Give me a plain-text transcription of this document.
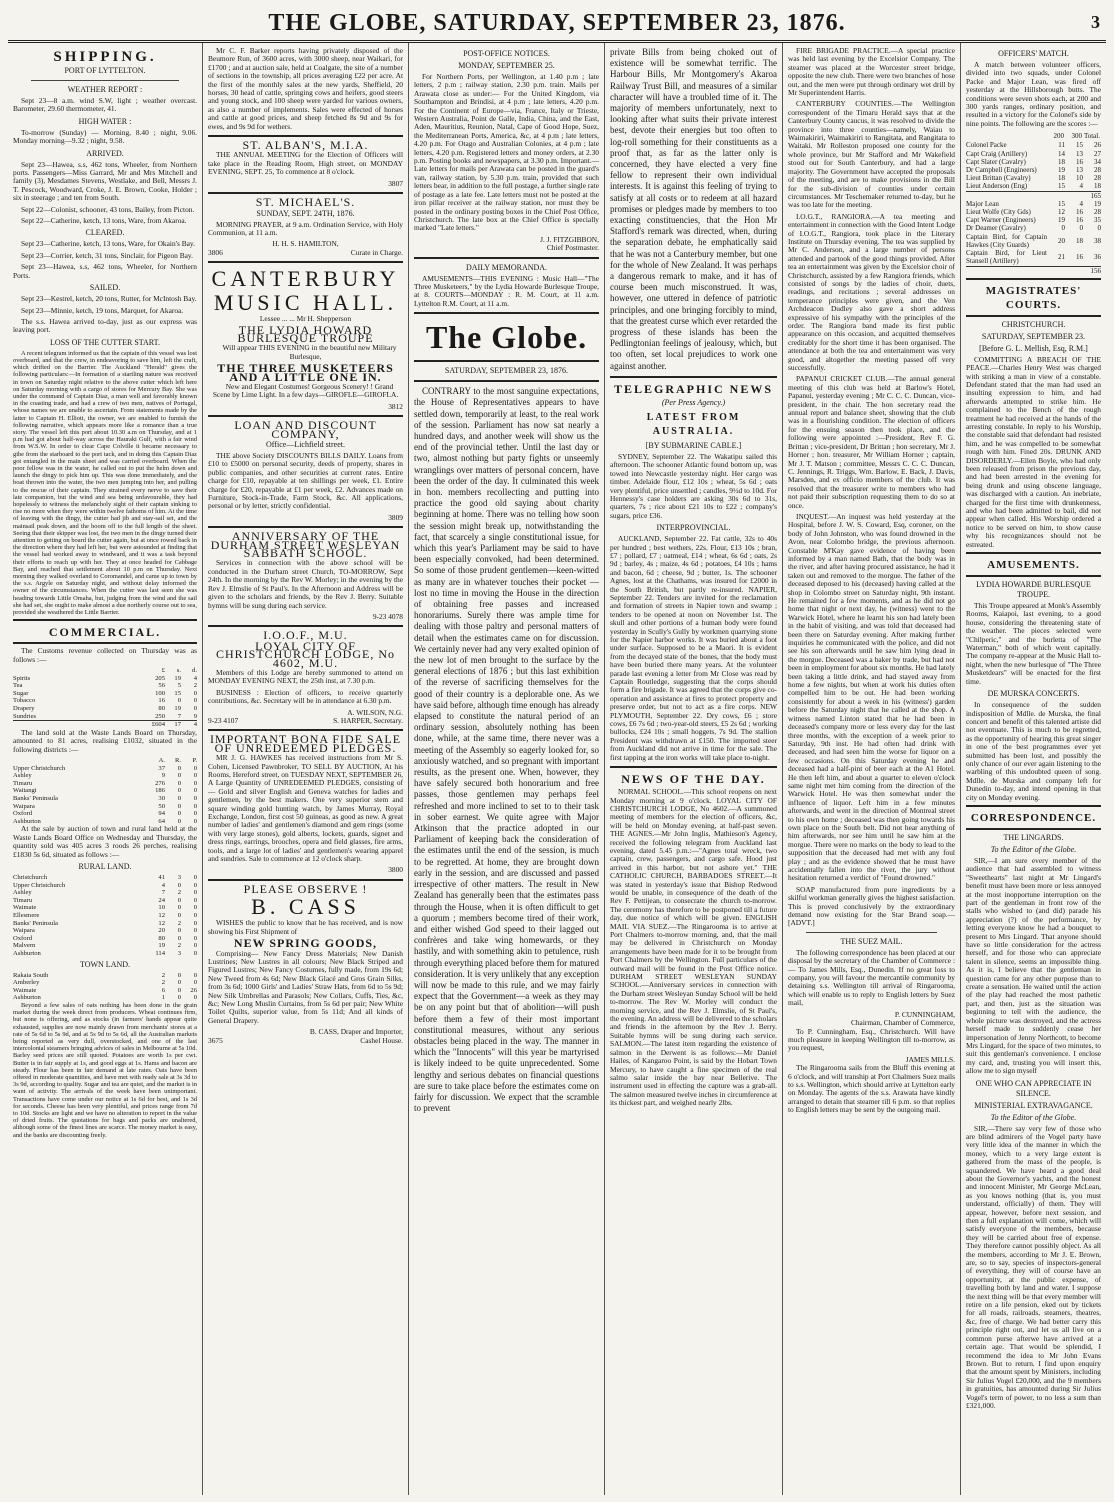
THE GLOBE, SATURDAY, SEPTEMBER 23, 1876.	3
SHIPPING.
PORT OF LYTTELTON.
WEATHER REPORT :
Sept 23—8 a.m. wind S.W, light ; weather overcast. Barometer, 29.60 thermometer, 41.
HIGH WATER :
To-morrow (Sunday) — Morning, 8.40 ; night, 9.06. Monday morning—9.32 ; night, 9.58.
ARRIVED.
Sept 23—Hawea, s.s, 462 tons, Wheeler, from Northern ports. Passengers—Miss Garrard, Mr and Mrs Mitchell and family (3), Mesdames Stevens, Westlake, and Bell, Messrs J. T. Pescock, Woodward, Croke, J. E. Brown, Cooke, Holder ; six in steerage ; and ten from South.
Sept 22—Colonist, schooner, 43 tons, Bailey, from Picton.
Sept 22—Catherine, ketch, 13 tons, Ware, from Akaroa.
CLEARED.
Sept 23—Catherine, ketch, 13 tons, Ware, for Okain's Bay.
Sept 23—Corrier, ketch, 31 tons, Sinclair, for Pigeon Bay.
Sept 23—Hawea, s.s, 462 tons, Wheeler, for Northern Ports.
SAILED.
Sept 23—Kestrel, ketch, 20 tons, Rutter, for McIntosh Bay.
Sept 23—Minnie, ketch, 19 tons, Marquet, for Akaroa.
The s.s. Hawea arrived to-day, just as our express was leaving port.
LOSS OF THE CUTTER START.
A recent telegram informed us that the captain of this vessel was lost overboard, and that the crew, in endeavoring to save him, left the craft, which drifted on the Barrier. The Auckland "Herald" gives the following particulars:—In formation of a startling nature was received in town on Saturday night relative to the above cutter which left here on Saturday morning with a cargo of stores for Mercury Bay. She was under the command of Captain Diaz, a man well and favorably known in the coasting trade, and had a crew of two men, natives of Portugal, whose names we are unable to ascertain. From statements made by the latter to Captain H. Elliott, the owner, we are enabled to furnish the following narrative, which appears more like a romance than a true story. The vessel left this port about 10.30 a.m on Thursday, and at 1 p.m had got about half-way across the Hauraki Gulf, with a fair wind from W.S.W. In order to clear Cape Colville it became necessary to gibe from the starboard to the port tack, and in doing this Captain Diaz got entangled in the main sheet and was carried overboard. When the poor fellow was in the water, he called out to put the helm down and launch the dingy to pick him up. This was done immediately, and the boat thrown into the water, the two men jumping into her, and pulling to the rescue of their captain. They strained every nerve to save their late companion, but the wind and sea being unfavourable, they had hopelessly to witness the melancholy sight of their captain sinking to rise no more when they were within twelve fathoms of him. At the time of leaving with the dingy, the cutter had jib and stay-sail set, and the mainsail peak down, and the boom off to the full length of the sheet. Seeing that their skipper was lost, the two men in the dingy turned their attention to getting on board the cutter again, but at once rowed back in the direction where they had left her, but were astounded at finding that the vessel had worked away to windward, and it was a task beyond their efforts to reach up with her. They at once headed for Cabbage Bay, and reached that settlement about 10 p.m on Thursday. Next morning they walked overland to Coromandel, and came up to town by the s.s. Argyle on Saturday night, and without delay informed the owner of the circumstances. When the cutter was last seen she was heading towards Little Omaha, but, judging from the wind and the sail she had set, she ought to make almost a due northerly course out to sea, provided she weathered the Little Barrier.
COMMERCIAL.
The Customs revenue collected on Thursday was as follows :—
	£	s.	d.
Spirits	205	19	4
Tea	56	5	2
Sugar	100	15	0
Tobacco	16	0	0
Drapery	80	19	0
Sundries	250	7	9
	£604	17	4
The land sold at the Waste Lands Board on Thursday, amounted to 81 acres, realising £1032, situated in the following districts :—
	A.	R.	P.
Upper Christchurch	37	0	0
Ashley	9	0	0
Timaru	276	0	0
Waitangi	186	0	0
Banks' Peninsula	30	0	0
Waipara	50	0	0
Oxford	94	0	0
Ashburton	64	0	0
At the sale by auction of town and rural land held at the Waste Lands Board Office on Wednesday and Thursday, the quantity sold was 405 acres 3 roods 26 perches, realising £1830 5s 6d, situated as follows :—
RURAL LAND.
Christchurch	41	3	0
Upper Christchurch	4	0	0
Ashley	7	2	0
Timaru	24	0	0
Waimate	10	0	0
Ellesmere	12	0	0
Banks' Peninsula	12	2	0
Waipara	20	0	0
Oxford	80	0	0
Malvern	19	2	0
Ashburton	114	3	0
TOWN LAND.
Rakaia South	2	0	0
Amberley	2	0	0
Waimate	6	0	26
Ashburton	1	0	0
Beyond a few sales of oats nothing has been done in the grain market during the week direct from producers. Wheat continues firm, but none is offering, and as stocks (in farmers' hands appear quite exhausted, supplies are now mainly drawn from merchants' stores at a rate of 5s 6d to 5s 9d, and at 5s 9d to 5s 6d, all the Australian markets being reported as very dull, overstocked, and one of the last intercolonial steamers bringing advices of sales in Melbourne at 5s 10d. Barley seed prices are still quoted. Potatoes are worth 1s per cwt. Butter is in fair supply at 1s, and good eggs at 1s. Hams and bacon are steady. Flour has been in fair demand at late rates. Oats have been offered in moderate quantities, and have met with ready sale at 3s 3d to 3s 9d, according to quality. Sugar and tea are quiet, and the market is in want of activity. The arrivals of the week have been unimportant. Transactions have come under our notice at 1s 6d for best, and 1s 3d for seconds. Cheese has been very plentiful, and prices range from 7d to 10d. Stocks are light and we have no alteration to report in the value of dried fruits. The quotations for bags and packs are unaltered, although some of the finest lines are scarce. The money market is easy, and the banks are discounting freely.
Mr C. F. Barker reports having privately disposed of the Beumore Run, of 3600 acres, with 3000 sheep, near Waikari, for £1700 ; and at auction sale, held at Coalgate, the site of a number of sections in the township, all prices averaging £22 per acre. At the first of the monthly sales at the new yards, Sheffield, 20 horses, 30 head of cattle, springing cows and heifers, good steers and young stock, and 100 sheep were yarded for various owners, as also a number of implements. Sales were effected of horses and cattle at good prices, and sheep fetched 8s 9d and 9s for ewes, and 9s 9d for wethers.
ST. ALBAN'S, M.I.A.
THE ANNUAL MEETING for the Election of Officers will take place in the Reading Room, High street, on MONDAY EVENING, SEPT. 25, To commence at 8 o'clock.
3807
ST. MICHAEL'S.
SUNDAY, SEPT. 24TH, 1876.
MORNING PRAYER, at 9 a.m. Ordination Service, with Holy Communion, at 11 a.m.
H. H. S. HAMILTON,
3806	Curate in Charge.
CANTERBURY MUSIC HALL.
Lessee ... ... Mr H. Shepperson
THE LYDIA HOWARD BURLESQUE TROUPE
Will appear THIS EVENING in the beautiful new Military Burlesque,
THE THREE MUSKETEERS AND A LITTLE ONE IN.
New and Elegant Costumes! Gorgeous Scenery! ! Grand Scene by Lime Light. In a few days—GIROFLE—GIROFLA.
3812
LOAN AND DISCOUNT COMPANY,
Office—Lichfield street.
THE above Society DISCOUNTS BILLS DAILY. Loans from £10 to £5000 on personal security, deeds of property, shares in public companies, and other securities at current rates. Entire charge for £10, repayable at ten shillings per week, £1. Entire charge for £20, repayable at £1 per week, £2. Advances made on Furniture, Stock-in-Trade, Farm Stock, &c. All applications, personal or by letter, strictly confidential.
3809
ANNIVERSARY OF THE DURHAM STREET WESLEYAN SABBATH SCHOOL.
Services in connection with the above school will be conducted in the Durham street Church, TO-MORROW, Sept 24th. In the morning by the Rev W. Morley; in the evening by the Rev J. Elmslie of St Paul's. In the Afternoon and Address will be given to the scholars and friends, by the Rev J. Berry. Suitable hymns will be sung during each service.
9-23 4078
I.O.O.F., M.U.
LOYAL CITY OF CHRISTCHURCH LODGE, No 4602, M.U.
Members of this Lodge are hereby summoned to attend on MONDAY EVENING NEXT, the 25th inst, at 7.30 p.m.
BUSINESS : Election of officers, to receive quarterly contributions, &c. Secretary will be in attendance at 6.30 p.m.
A. WILSON, N.G.
9-23 4107	S. HARPER, Secretary.
IMPORTANT BONA FIDE SALE OF UNREDEEMED PLEDGES.
MR J. G. HAWKES has received instructions from Mr S. Cohen, Licensed Pawnbroker, TO SELL BY AUCTION, At his Rooms, Hereford street, on TUESDAY NEXT, SEPTEMBER 26, A Large Quantity of UNREDEEMED PLEDGES, consisting of— Gold and silver English and Geneva watches for ladies and gentlemen, by the best makers. One very superior stem and square winding gold hunting watch, by James Murray, Royal Exchange, London, first cost 50 guineas, as good as new. A great number of ladies' and gentlemen's diamond and gem rings (some with very large stones), gold alberts, lockets, guards, signet and dress rings, earrings, brooches, opera and field glasses, fire arms, tools, and a large lot of ladies' and gentlemen's wearing apparel and sundries. Sale to commence at 12 o'clock sharp.
3800
PLEASE OBSERVE !
B. CASS
WISHES the public to know that he has received, and is now showing his First Shipment of
NEW SPRING GOODS,
Comprising— New Fancy Dress Materials; New Danish Lustrines; New Lustres in all colours; New Black Striped and Figured Lustres; New Fancy Costumes, fully made, from 19s 6d; New Tweed from 4s 6d; New Black Glacé and Gros Grain Silks, from 3s 6d; 1000 Girls' and Ladies' Straw Hats, from 6d to 5s 9d; New Silk Umbrellas and Parasols; New Collars, Cuffs, Ties, &c, &c; New Long Muslin Curtains, from 5s 6d per pair; New White Toilet Quilts, superior value, from 5s 11d; And all kinds of General Drapery.
B. CASS, Draper and Importer,
3675	Cashel House.
POST-OFFICE NOTICES.
MONDAY, SEPTEMBER 25.
For Northern Ports, per Wellington, at 1.40 p.m ; late letters, 2 p.m ; railway station, 2.30 p.m. train. Mails per Arawata close as under:— For the United Kingdom, via Southampton and Brindisi, at 4 p.m ; late letters, 4.20 p.m. For the Continent of Europe—via, France, Italy or Trieste, Western Australia, Point de Galle, India, China, and the East, Aden, Mauritius, Reunion, Natal, Cape of Good Hope, Suez, the Mediterranean Ports, America, &c, at 4 p.m ; late letters, 4.20 p.m. For Otago and Australian Colonies, at 4 p.m ; late letters, 4.20 p.m. Registered letters and money orders, at 2.30 p.m. Posting books and newspapers, at 3.30 p.m. Important.—Late letters for mails per Arawata can be posted in the guard's van, railway station, by 5.30 p.m. train, provided that such letters bear, in addition to the full postage, a further single rate of postage as a late fee. Late letters must not be posted at the iron pillar receiver at the railway station, nor must they be posted in the ordinary posting boxes in the Chief Post Office, Christchurch. The late box at the Chief Office is specially marked "Late letters."
J. J. FITZGIBBON,
Chief Postmaster.
DAILY MEMORANDA.
AMUSEMENTS—THIS EVENING : Music Hall—"The Three Musketeers," by the Lydia Howarde Burlesque Troupe, at 8. COURTS—MONDAY : R. M. Court, at 11 a.m. Lyttelton R.M. Court, at 11 a.m.
The Globe.
SATURDAY, SEPTEMBER 23, 1876.
CONTRARY to the most sanguine expectations, the House of Representatives appears to have settled down, temporarily at least, to the real work of the session. Parliament has now sat nearly a hundred days, and another week will show us the end of the provincial tether. Until the last day or two, almost nothing but party fights or unseemly wranglings over matters of personal concern, have been the order of the day. It culminated this week in hon. members recollecting and putting into practice the good old saying about charity beginning at home. There was no telling how soon the session might break up, notwithstanding the fact, that scarcely a single constitutional issue, for which this year's Parliament may be said to have been especially convoked, had been determined. So some of those prudent gentlemen—keen-witted as many are in whatever touches their pocket — lost no time in moving the House in the direction of obtaining free passes and increased honorariums. Surely there was ample time for dealing with those paltry and personal matters of detail when the estimates came on for discussion. We certainly never had any very exalted opinion of the new lot of men brought to the surface by the general elections of 1876 ; but this last exhibition of the reverse of sacrificing themselves for the good of their country is a deplorable one. As we have said before, although time enough has already elapsed to constitute the natural period of an ordinary session, absolutely nothing has been done, while, at the same time, there never was a meeting of the Assembly so eagerly looked for, so anxiously watched, and so pregnant with important results, as the present one. When, however, they have safely secured both honorarium and free passes, those gentlemen may perhaps feel refreshed and more inclined to set to to their task in sober earnest. We quite agree with Major Atkinson that the practice adopted in our Parliament of keeping back the consideration of the estimates until the end of the session, is much to be regretted. At home, they are brought down early in the session, and are discussed and passed irrespective of other matters. The result in New Zealand has generally been that the estimates pass through the House, when it is often difficult to get a quorum ; members become tired of their work, and either wished God speed to their lagged out confrères and take wing homewards, or they hastily, and with something akin to petulence, rush through everything placed before them for matured consideration. It is very unlikely that any exception will now be made to this rule, and we may fairly expect that the Government—a week as they may be on any point but that of abolition—will push before them a few of their most important constitutional measures, without any serious obstacles being placed in the way. The manner in which the "Innocents" will this year be martyrised is likely indeed to be quite unprecedented. Some lengthy and serious debates on financial questions are sure to take place before the estimates come on fairly for discussion. We expect that the scramble to prevent
private Bills from being choked out of existence will be somewhat terrific. The Harbour Bills, Mr Montgomery's Akaroa Railway Trust Bill, and measures of a similar character will have a troubled time of it. The majority of members unfortunately, next to looking after what suits their private interest best, devote their energies but too often to log-roll something for their constituents as a proof that, as far as the latter only is concerned, they have elected a very fine fellow to represent their own individual interests. It is against this feeling of trying to satisfy at all costs or to redeem at all hazard promises or pledges made by members to too exacting constituencies, that the Hon Mr Stafford's remark was directed, when, during the separation debate, he emphatically said that he was not a Canterbury member, but one for the whole of New Zealand. It was perhaps a dangerous remark to make, and it has of course been much misconstrued. It was, however, one uttered in defence of patriotic principles, and one bringing forcibly to mind, that the greatest curse which ever retarded the progress of these islands has been the Pedlingtonian feelings of jealousy, which, but too often, set local prejudices to work one against another.
TELEGRAPHIC NEWS
(Per Press Agency.)
LATEST FROM AUSTRALIA.
[BY SUBMARINE CABLE.]
SYDNEY, September 22. The Wakatipu sailed this afternoon. The schooner Atlantic found bottom up, was towed into Newcastle yesterday night. Her cargo was timber. Adelaide flour, £12 10s ; wheat, 5s 6d ; oats very plentiful, price unsettled ; candles, 9½d to 10d. For Hennessy's case holders are asking 30s 6d to 31s, quarters, 7s ; rice about £21 10s to £22 ; company's sugars, price £36.
INTERPROVINCIAL.
AUCKLAND, September 22. Fat cattle, 32s to 40s per hundred ; best wethers, 22s. Flour, £13 10s ; bran, £7 ; pollard, £7 ; oatmeal, £14 ; wheat, 6s 6d ; oats, 2s 9d ; barley, 4s ; maize, 4s 6d ; potatoes, £4 10s ; hams and bacon, 6d ; cheese, 9d ; butter, 1s. The schooner Agnes, lost at the Chathams, was insured for £2000 in the South British, but partly re-insured. NAPIER, September 22. Tenders are invited for the reclamation and formation of streets in Napier town and swamp ; tenders to be opened at noon on November 1st. The skull and other portions of a human body were found yesterday in Scully's Gully by workmen quarrying stone for the Napier harbor works. It was buried about a foot under surface. Supposed to be a Maori. It is evident from the decayed state of the bones, that the body must have been buried there many years. At the volunteer parade last evening a letter from Mr Close was read by Captain Routledge, suggesting that the corps should form a fire brigade. It was agreed that the corps give co-operation and assistance at fires to protect property and preserve order, but not to act as a fire corps. NEW PLYMOUTH, September 22. Dry cows, £6 ; store cows, £6 7s 6d ; two-year-old steers, £5 2s 6d ; working bullocks, £24 10s ; small hoggets, 7s 9d. The stallion President was withdrawn at £150. The imported steer from Auckland did not arrive in time for the sale. The first tapping at the iron works will take place to-night.
NEWS OF THE DAY.
NORMAL SCHOOL.—This school reopens on next Monday morning at 9 o'clock. LOYAL CITY OF CHRISTCHURCH LODGE, No 4602.—A summoned meeting of members for the election of officers, &c, will be held on Monday evening, at half-past seven. THE AGNES.—Mr John Inglis, Mathieson's Agency, received the following telegram from Auckland last evening, dated 5.45 p.m.:—"Agnes total wreck, two captain, crew, passengers, and cargo safe. Hood just arrived in this harbor, but not ashore yet." THE CATHOLIC CHURCH, BARBADOES STREET.—It was stated in yesterday's issue that Bishop Redwood would be unable, in consequence of the death of the Rev F. Pettijean, to consecrate the church to-morrow. The ceremony has therefore to be postponed till a future day, due notice of which will be given. ENGLISH MAIL VIA SUEZ.—The Ringarooma is to arrive at Port Chalmers to-morrow morning, and, that the mail may be delivered in Christchurch on Monday arrangements have been made for it to be brought from Port Chalmers by the Wellington. Full particulars of the outward mail will be found in the Post Office notice. DURHAM STREET WESLEYAN SUNDAY SCHOOL.—Anniversary services in connection with the Durham street Wesleyan Sunday School will be held to-morrow. The Rev W. Morley will conduct the morning service, and the Rev J. Elmslie, of St Paul's, the evening. An address will be delivered to the scholars and friends in the afternoon by the Rev J. Berry. Suitable hymns will be sung during each service. SALMON.—The latest item regarding the existence of salmon in the Derwent is as follows:—Mr Daniel Hailes, of Kangaroo Point, is said by the Hobart Town Mercury, to have caught a fine specimen of the real salmo salar inside the bay near Bellerive. The instrument used in effecting the capture was a grab-all. The salmon measured twelve inches in circumference at its thickest part, and weighed nearly 2lbs.
FIRE BRIGADE PRACTICE.—A special practice was held last evening by the Excelsior Company. The steamer was placed at the Worcester street bridge, opposite the new club. There were two branches of hose out, and the men were put through ordinary wet drill by Mr Superintendent Harris.
CANTERBURY COUNTIES.—The Wellington correspondent of the Timaru Herald says that at the Canterbury County caucus, it was resolved to divide the province into three counties—namely, Waiau to Waimakiriri, Waimakiriri to Rangitata, and Rangitata to Waitaki. Mr Rolleston proposed one county for the whole province, but Mr Stafford and Mr Wakefield stood out for South Canterbury, and had a large majority. The Government have accepted the proposals of the meeting, and are to make provisions in the Bill for the sub-division of counties under certain circumstances. Mr Teschemaker returned to-day, but he was too late for the meeting.
I.O.G.T., RANGIORA.—A tea meeting and entertainment in connection with the Good Intent Lodge of I.O.G.T., Rangiora, took place in the Literary Institute on Thursday evening. The tea was supplied by Mr C. Anderson, and a large number of persons attended and partook of the good things provided. After tea an entertainment was given by the Excelsior choir of Christchurch, assisted by a few Rangiora friends, which consisted of songs by the ladies of choir, duets, readings, and recitations ; several addresses on temperance principles were given, and the Ven Archdeacon Dudley also gave a short address expressive of his sympathy with the principles of the order. The Rangiora band made its first public appearance on this occasion, and acquitted themselves creditably for the short time it has been organised. The attendance at both the tea and entertainment was very good, and altogether the meeting passed off very successfully.
PAPANUI CRICKET CLUB.—The annual general meeting of this club was held at Barlow's Hotel, Papanui, yesterday evening ; Mr C. C. C. Duncan, vice-president, in the chair. The hon secretary read the annual report and balance sheet, showing that the club was in a flourishing condition. The election of officers for the ensuing season then took place, and the following were appointed :—President, Rev F. G. Brittan ; vice-president, Dr Brittan ; hon secretary, Mr J. Horner ; hon. treasurer, Mr William Horner ; captain, Mr J. T. Matson ; committee, Messrs C. C. C. Duncan, C. Jennings, R. Triggs, Wm. Barlow, E. Back, J. Davis, Marsden, and ex officio members of the club. It was resolved that the treasurer write to members who had not paid their subscription requesting them to do so at once.
INQUEST.—An inquest was held yesterday at the Hospital, before J. W. S. Coward, Esq, coroner, on the body of John Johnston, who was found drowned in the Avon, near Colombo bridge, the previous afternoon. Constable M'Kay gave evidence of having been informed by a man named Bath, that the body was in the river, and after having procured assistance, he had it taken out and removed to the morgue. The father of the deceased deposed to his (deceased) having called at the shop in Colombo street on Saturday night, 9th instant. He remained for a few moments, and as he did not go home that night or next day, he (witness) went to the Warwick Hotel, where he learnt his son had lately been in the habit of visiting, and was told that deceased had been there on Saturday evening. After making further inquiries he communicated with the police, and did not see his son afterwards until he saw him lying dead in the morgue. Deceased was a baker by trade, but had not been in employment for about six months. He had lately been taking a little drink, and had stayed away from home a few nights, but when at work his duties often compelled him to be out. He had been working consistently for about a week in his (witness') garden before the Saturday night that he called at the shop. A witness named Linton stated that he had been in deceased's company more or less every day for the last three months, with the exception of a week prior to Saturday, 9th inst. He had often had drink with deceased, and had seen him the worse for liquor on a few occasions. On this Saturday evening he and deceased had a half-pint of beer each at the A1 Hotel. He then left him, and about a quarter to eleven o'clock same night met him coming from the direction of the Warwick Hotel. He was then somewhat under the influence of liquor. Left him in a few minutes afterwards, and went in the direction of Montreal street to his own home ; deceased was then going towards his own place on the South belt. Did not hear anything of him afterwards, nor see him until he saw him at the morgue. There were no marks on the body to lead to the supposition that the deceased had met with any foul play ; and as the evidence showed that he must have accidentally fallen into the river, the jury without hesitation returned a verdict of "Found drowned."
SOAP manufactured from pure ingredients by a skilful workman generally gives the highest satisfaction. This is proved conclusively by the extraordinary demand now existing for the Star Brand soap.—[ADVT.]
THE SUEZ MAIL.
The following correspondence has been placed at our disposal by the secretary of the Chamber of Commerce :— To James Mills, Esq., Dunedin. If no great loss to company, you will favour the mercantile community by detaining s.s. Wellington till arrival of Ringarooma, which will enable us to reply to English letters by Suez mail,
P. CUNNINGHAM,
Chairman, Chamber of Commerce,
To P. Cunningham, Esq., Christchurch. Will have much pleasure in keeping Wellington till to-morrow, as you request,
JAMES MILLS.
The Ringarooma sails from the Bluff this evening at 6 o'clock, and will tranship at Port Chalmers Suez mails to s.s. Wellington, which should arrive at Lyttelton early on Monday. The agents of the s.s. Arawata have kindly arranged to detain that steamer till 6 p.m. so that replies to English letters may be sent by the outgoing mail.
OFFICERS' MATCH.
A match between volunteer officers, divided into two squads, under Colonel Packe and Major Lean, was fired off yesterday at the Hillsborough butts. The conditions were seven shots each, at 200 and 300 yards ranges, ordinary position, and resulted in a victory for the Colonel's side by nine points. The following are the scores :—
	200	300	Total.
Colonel Packe	11	15	26
Capt Craig (Artillery)	14	13	27
Capt Slater (Cavalry)	18	16	34
Dr Campbell (Engineers)	19	13	28
Lieut Brittan (Cavalry)	18	10	28
Lieut Anderson (Eng)	15	4	18
			165
Major Lean	15	4	19
Lieut Wolfe (City Gds)	12	16	28
Capt Warner (Engineers)	19	16	35
Dr Deamer (Cavalry)	0	0	0
Captain Bird, for Captain Hawkes (City Guards)	20	18	38
Captain Bird, for Lieut Stansell (Artillery)	21	16	36
			156
MAGISTRATES' COURTS.
CHRISTCHURCH.
SATURDAY, SEPTEMBER 23.
[Before G. L. Mellish, Esq, R.M.]
COMMITTING A BREACH OF THE PEACE.—Charles Henry West was charged with striking a man in view of a constable. Defendant stated that the man had used an insulting expression to him, and had afterwards attempted to strike him. He complained to the Bench of the rough treatment he had received at the hands of the arresting constable. In reply to his Worship, the constable said that defendant had resisted him, and he was compelled to be somewhat rough with him. Fined 20s. DRUNK AND DISORDERLY.—Ellen Boyle, who had only been released from prison the previous day, and had been arrested in the evening for being drunk and using obscene language, was discharged with a caution. An inebriate, charged for the first time with drunkenness, and who had been admitted to bail, did not appear when called. His Worship ordered a notice to be served on him, to show cause why his recognizances should not be estreated.
AMUSEMENTS.
LYDIA HOWARDE BURLESQUE TROUPE.
This Troupe appeared at Monk's Assembly Rooms, Kaiapoi, last evening, to a good house, considering the threatening state of the weather. The pieces selected were "Chilperic," and the burletta of "The Waterman," both of which went capitally. The company re-appear at the Music Hall to-night, when the new burlesque of "The Three Musketdears" will be enacted for the first time.
DE MURSKA CONCERTS.
In consequence of the sudden indisposition of Mdlle. de Murska, the final concert and benefit of this talented artiste did not eventuate. This is much to be regretted, as the opportunity of hearing this great singer in one of the best programmes ever yet submitted has been lost, and possibly the only chance of our ever again listening to the warbling of this undoubted queen of song. Mdlle. de Murska and company left for Dunedin to-day, and intend opening in that city on Monday evening.
CORRESPONDENCE.
THE LINGARDS.
To the Editor of the Globe.
SIR,—I am sure every member of the audience that had assembled to witness "Sweethearts" last night at Mr Lingard's benefit must have been more or less annoyed at the most inopportune interruption on the part of the gentleman in front row of the stalls who wished to (and did) parade his appreciation (?) of the performance, by letting everyone know he had a bouquet to present to Mrs Lingard. That anyone should have so little consideration for the actress herself, and for those who can appreciate talent in silence, seems an impossible thing. As it is, I believe that the gentleman in question came for any other purpose than to create a sensation. He waited until the action of the play had reached the most pathetic part, and then, just as the situation was beginning to tell with the audience, the whole picture was destroyed, and the actress herself made to suddenly cease her impersonation of Jenny Northcott, to become Mrs Lingard, for the space of two minutes, to suit this gentleman's convenience. I enclose my card, and, trusting you will insert this, allow me to sign myself
ONE WHO CAN APPRECIATE IN SILENCE.
MINISTERIAL EXTRAVAGANCE.
To the Editor of the Globe.
SIR,—There say very few of those who are blind admirers of the Vogel party have very little idea of the manner in which the money, which to a very large extent is gathered from the mass of the people, is squandered. We have heard a good deal about the Governor's yachts, and the honest and innocent Minister, Mr George McLean, as you knows nothing (that is, you must understand, officially) of them. They will appear, however, before next session, and then a full explanation will come, which will satisfy everyone of the members, because they will be carried about free of expense. They therefore cannot possibly object. As all the members, according to Mr J. E. Brown, are, so to say, species of inspectors-general of everything, they will of course have an opportunity, at the public expense, of travelling both by land and water. I suppose the next thing will be that every member will retire on a life pension, eked out by tickets for all roads, railroads, steamers, theatres, &c, free of charge. We had better carry this principle right out, and let us all live on a common purse afterwe have arrived at a certain age. That would be splendid, I recommend the idea to Mr John Evans Brown. But to return. I find upon enquiry that the amount spent by Ministers, including Sir Julius Vogel £20,000, and the 9 members in gratuities, has amounted during Sir Julius Vogel's term of power, to no less a sum than £321,000.
